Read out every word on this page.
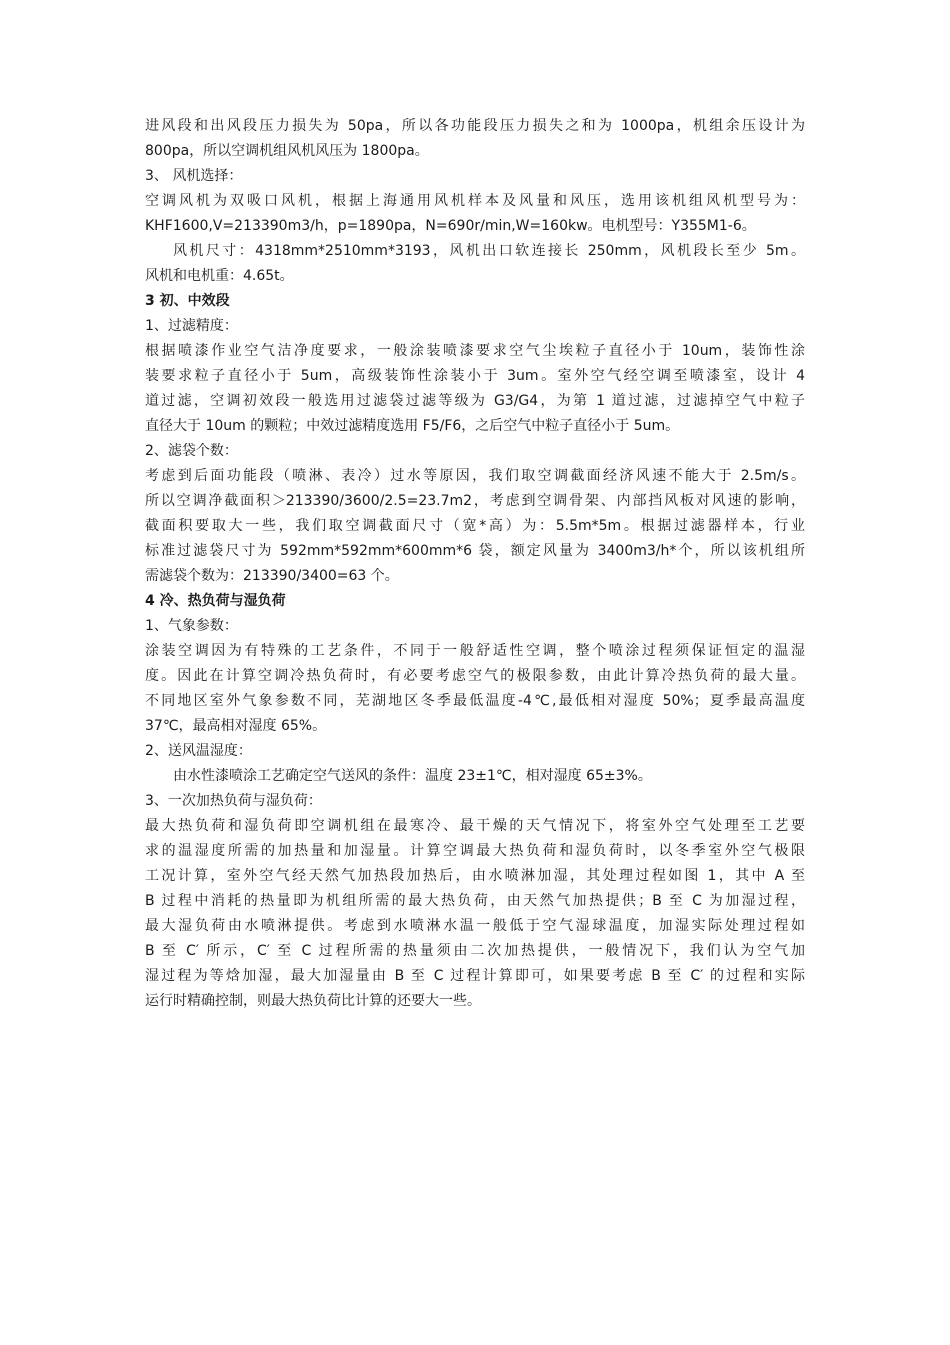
进风段和出风段压力损失为 50pa，所以各功能段压力损失之和为 1000pa，机组余压设计为
800pa，所以空调机组风机风压为 1800pa。
3、 风机选择：
空调风机为双吸口风机，根据上海通用风机样本及风量和风压，选用该机组风机型号为：
KHF1600,V=213390m3/h，p=1890pa，N=690r/min,W=160kw。电机型号：Y355M1-6。
风机尺寸：4318mm*2510mm*3193，风机出口软连接长 250mm，风机段长至少 5m。
风机和电机重：4.65t。
3 初、中效段
1、过滤精度：
根据喷漆作业空气洁净度要求，一般涂装喷漆要求空气尘埃粒子直径小于 10um，装饰性涂
装要求粒子直径小于 5um，高级装饰性涂装小于 3um。室外空气经空调至喷漆室，设计 4
道过滤，空调初效段一般选用过滤袋过滤等级为 G3/G4，为第 1 道过滤，过滤掉空气中粒子
直径大于 10um 的颗粒；中效过滤精度选用 F5/F6，之后空气中粒子直径小于 5um。
2、滤袋个数：
考虑到后面功能段（喷淋、表冷）过水等原因，我们取空调截面经济风速不能大于 2.5m/s。
所以空调净截面积＞213390/3600/2.5=23.7m2，考虑到空调骨架、内部挡风板对风速的影响，
截面积要取大一些，我们取空调截面尺寸（宽*高）为：5.5m*5m。根据过滤器样本，行业
标准过滤袋尺寸为 592mm*592mm*600mm*6 袋，额定风量为 3400m3/h*个，所以该机组所
需滤袋个数为：213390/3400=63 个。
4 冷、热负荷与湿负荷
1、气象参数：
涂装空调因为有特殊的工艺条件，不同于一般舒适性空调，整个喷涂过程须保证恒定的温湿
度。因此在计算空调冷热负荷时，有必要考虑空气的极限参数，由此计算冷热负荷的最大量。
不同地区室外气象参数不同，芜湖地区冬季最低温度-4℃,最低相对湿度 50%；夏季最高温度
37℃，最高相对湿度 65%。
2、送风温湿度：
由水性漆喷涂工艺确定空气送风的条件：温度 23±1℃，相对湿度 65±3%。
3、一次加热负荷与湿负荷：
最大热负荷和湿负荷即空调机组在最寒冷、最干燥的天气情况下，将室外空气处理至工艺要
求的温湿度所需的加热量和加湿量。计算空调最大热负荷和湿负荷时，以冬季室外空气极限
工况计算，室外空气经天然气加热段加热后，由水喷淋加湿，其处理过程如图 1，其中 A 至
B 过程中消耗的热量即为机组所需的最大热负荷，由天然气加热提供；B 至 C 为加湿过程，
最大湿负荷由水喷淋提供。考虑到水喷淋水温一般低于空气湿球温度，加湿实际处理过程如
B 至 C′ 所示，C′ 至 C 过程所需的热量须由二次加热提供，一般情况下，我们认为空气加
湿过程为等焓加湿，最大加湿量由 B 至 C 过程计算即可，如果要考虑 B 至 C′ 的过程和实际
运行时精确控制，则最大热负荷比计算的还要大一些。
